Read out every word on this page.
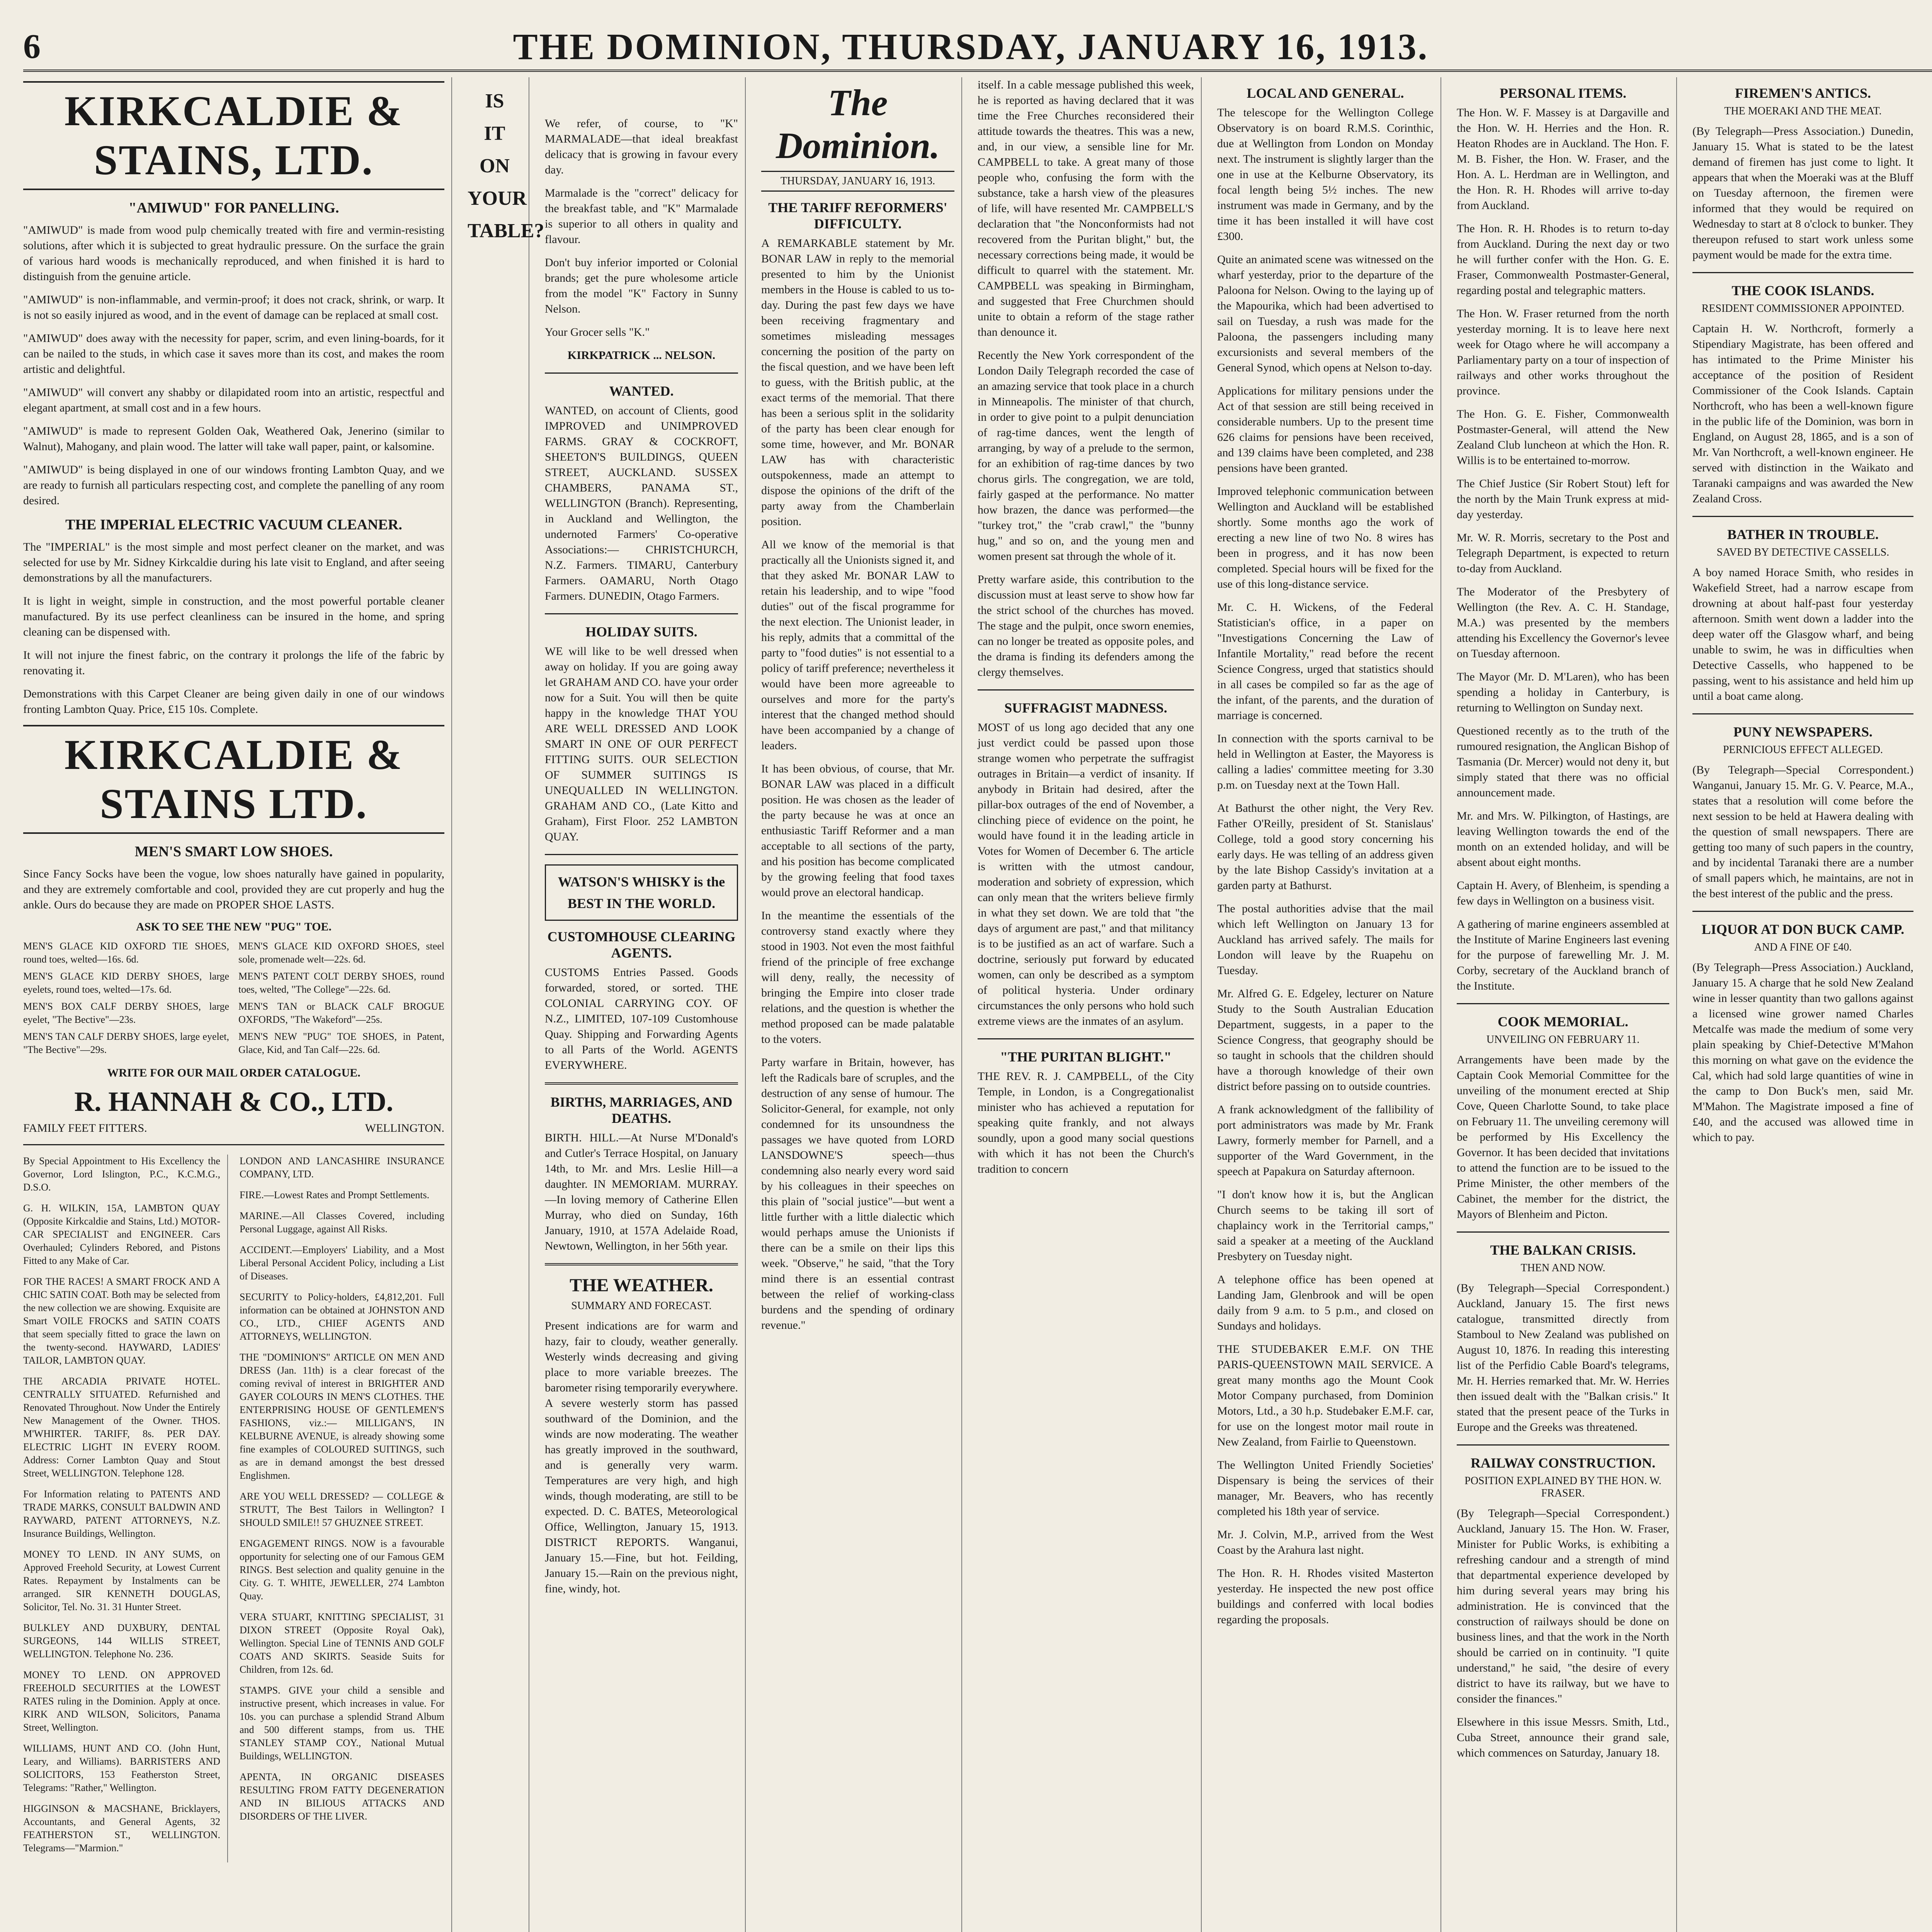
6	THE DOMINION, THURSDAY, JANUARY 16, 1913.
KIRKCALDIE & STAINS, LTD.
"AMIWUD" FOR PANELLING.

"AMIWUD" is made from wood pulp chemically treated with fire and vermin-resisting solutions, after which it is subjected to great hydraulic pressure. On the surface the grain of various hard woods is mechanically reproduced, and when finished it is hard to distinguish from the genuine article.

"AMIWUD" is non-inflammable, and vermin-proof; it does not crack, shrink, or warp. It is not so easily injured as wood, and in the event of damage can be replaced at small cost.

"AMIWUD" does away with the necessity for paper, scrim, and even lining-boards, for it can be nailed to the studs, in which case it saves more than its cost, and makes the room artistic and delightful.

"AMIWUD" will convert any shabby or dilapidated room into an artistic, respectful and elegant apartment, at small cost and in a few hours.

"AMIWUD" is made to represent Golden Oak, Weathered Oak, Jenerino (similar to Walnut), Mahogany, and plain wood. The latter will take wall paper, paint, or kalsomine.

"AMIWUD" is being displayed in one of our windows fronting Lambton Quay, and we are ready to furnish all particulars respecting cost, and complete the panelling of any room desired.

THE IMPERIAL ELECTRIC VACUUM CLEANER.

The "IMPERIAL" is the most simple and most perfect cleaner on the market, and was selected for use by Mr. Sidney Kirkcaldie during his late visit to England, and after seeing demonstrations by all the manufacturers.

It is light in weight, simple in construction, and the most powerful portable cleaner manufactured. By its use perfect cleanliness can be insured in the home, and spring cleaning can be dispensed with.

It will not injure the finest fabric, on the contrary it prolongs the life of the fabric by renovating it.

Demonstrations with this Carpet Cleaner are being given daily in one of our windows fronting Lambton Quay. Price, £15 10s. Complete.

KIRKCALDIE & STAINS LTD.
MEN'S SMART LOW SHOES.

Since Fancy Socks have been the vogue, low shoes naturally have gained in popularity, and they are extremely comfortable and cool, provided they are cut properly and hug the ankle. Ours do because they are made on PROPER SHOE LASTS.

ASK TO SEE THE NEW "PUG" TOE.

MEN'S GLACE KID OXFORD TIE SHOES, round toes, welted—16s. 6d.

MEN'S GLACE KID DERBY SHOES, large eyelets, round toes, welted—17s. 6d.

MEN'S BOX CALF DERBY SHOES, large eyelet, "The Bective"—23s.

MEN'S TAN CALF DERBY SHOES, large eyelet, "The Bective"—29s.

MEN'S GLACE KID OXFORD SHOES, steel sole, promenade welt—22s. 6d.

MEN'S PATENT COLT DERBY SHOES, round toes, welted, "The College"—22s. 6d.

MEN'S TAN or BLACK CALF BROGUE OXFORDS, "The Wakeford"—25s.

MEN'S NEW "PUG" TOE SHOES, in Patent, Glace, Kid, and Tan Calf—22s. 6d.

WRITE FOR OUR MAIL ORDER CATALOGUE.
R. HANNAH & CO., LTD.
FAMILY FEET FITTERS.	WELLINGTON.

By Special Appointment to His Excellency the Governor, Lord Islington, P.C., K.C.M.G., D.S.O.

G. H. WILKIN, 15A, LAMBTON QUAY (Opposite Kirkcaldie and Stains, Ltd.) MOTOR-CAR SPECIALIST and ENGINEER. Cars Overhauled; Cylinders Rebored, and Pistons Fitted to any Make of Car.

FOR THE RACES! A SMART FROCK AND A CHIC SATIN COAT. Both may be selected from the new collection we are showing. Exquisite are Smart VOILE FROCKS and SATIN COATS that seem specially fitted to grace the lawn on the twenty-second. HAYWARD, LADIES' TAILOR, LAMBTON QUAY.

THE ARCADIA PRIVATE HOTEL. CENTRALLY SITUATED. Refurnished and Renovated Throughout. Now Under the Entirely New Management of the Owner. THOS. M'WHIRTER. TARIFF, 8s. PER DAY. ELECTRIC LIGHT IN EVERY ROOM. Address: Corner Lambton Quay and Stout Street, WELLINGTON. Telephone 128.

For Information relating to PATENTS AND TRADE MARKS, CONSULT BALDWIN AND RAYWARD, PATENT ATTORNEYS, N.Z. Insurance Buildings, Wellington.

MONEY TO LEND. IN ANY SUMS, on Approved Freehold Security, at Lowest Current Rates. Repayment by Instalments can be arranged. SIR KENNETH DOUGLAS, Solicitor, Tel. No. 31. 31 Hunter Street.

BULKLEY AND DUXBURY, DENTAL SURGEONS, 144 WILLIS STREET, WELLINGTON. Telephone No. 236.

MONEY TO LEND. ON APPROVED FREEHOLD SECURITIES at the LOWEST RATES ruling in the Dominion. Apply at once. KIRK AND WILSON, Solicitors, Panama Street, Wellington.

WILLIAMS, HUNT AND CO. (John Hunt, Leary, and Williams). BARRISTERS AND SOLICITORS, 153 Featherston Street, Telegrams: "Rather," Wellington.

HIGGINSON & MACSHANE, Bricklayers, Accountants, and General Agents, 32 FEATHERSTON ST., WELLINGTON. Telegrams—"Marmion."

LONDON AND LANCASHIRE INSURANCE COMPANY, LTD.

FIRE.—Lowest Rates and Prompt Settlements.

MARINE.—All Classes Covered, including Personal Luggage, against All Risks.

ACCIDENT.—Employers' Liability, and a Most Liberal Personal Accident Policy, including a List of Diseases.

SECURITY to Policy-holders, £4,812,201. Full information can be obtained at JOHNSTON AND CO., LTD., CHIEF AGENTS AND ATTORNEYS, WELLINGTON.

THE "DOMINION'S" ARTICLE ON MEN AND DRESS (Jan. 11th) is a clear forecast of the coming revival of interest in BRIGHTER AND GAYER COLOURS IN MEN'S CLOTHES. THE ENTERPRISING HOUSE OF GENTLEMEN'S FASHIONS, viz.:— MILLIGAN'S, IN KELBURNE AVENUE, is already showing some fine examples of COLOURED SUITINGS, such as are in demand amongst the best dressed Englishmen.

ARE YOU WELL DRESSED? — COLLEGE & STRUTT, The Best Tailors in Wellington? I SHOULD SMILE!! 57 GHUZNEE STREET.

ENGAGEMENT RINGS. NOW is a favourable opportunity for selecting one of our Famous GEM RINGS. Best selection and quality genuine in the City. G. T. WHITE, JEWELLER, 274 Lambton Quay.

VERA STUART, KNITTING SPECIALIST, 31 DIXON STREET (Opposite Royal Oak), Wellington. Special Line of TENNIS AND GOLF COATS AND SKIRTS. Seaside Suits for Children, from 12s. 6d.

STAMPS. GIVE your child a sensible and instructive present, which increases in value. For 10s. you can purchase a splendid Strand Album and 500 different stamps, from us. THE STANLEY STAMP COY., National Mutual Buildings, WELLINGTON.

APENTA, IN ORGANIC DISEASES RESULTING FROM FATTY DEGENERATION AND IN BILIOUS ATTACKS AND DISORDERS OF THE LIVER.

IS
IT
ON
YOUR
TABLE?

We refer, of course, to "K" MARMALADE—that ideal breakfast delicacy that is growing in favour every day.

Marmalade is the "correct" delicacy for the breakfast table, and "K" Marmalade is superior to all others in quality and flavour.

Don't buy inferior imported or Colonial brands; get the pure wholesome article from the model "K" Factory in Sunny Nelson.

Your Grocer sells "K."

KIRKPATRICK ... NELSON.

WANTED.

WANTED, on account of Clients, good IMPROVED and UNIMPROVED FARMS. GRAY & COCKROFT, SHEETON'S BUILDINGS, QUEEN STREET, AUCKLAND. SUSSEX CHAMBERS, PANAMA ST., WELLINGTON (Branch). Representing, in Auckland and Wellington, the undernoted Farmers' Co-operative Associations:— CHRISTCHURCH, N.Z. Farmers. TIMARU, Canterbury Farmers. OAMARU, North Otago Farmers. DUNEDIN, Otago Farmers.

HOLIDAY SUITS.

WE will like to be well dressed when away on holiday. If you are going away let GRAHAM AND CO. have your order now for a Suit. You will then be quite happy in the knowledge THAT YOU ARE WELL DRESSED AND LOOK SMART IN ONE OF OUR PERFECT FITTING SUITS. OUR SELECTION OF SUMMER SUITINGS IS UNEQUALLED IN WELLINGTON. GRAHAM AND CO., (Late Kitto and Graham), First Floor. 252 LAMBTON QUAY.

WATSON'S WHISKY is the BEST IN THE WORLD.
CUSTOMHOUSE CLEARING AGENTS.

CUSTOMS Entries Passed. Goods forwarded, stored, or sorted. THE COLONIAL CARRYING COY. OF N.Z., LIMITED, 107-109 Customhouse Quay. Shipping and Forwarding Agents to all Parts of the World. AGENTS EVERYWHERE.

BIRTHS, MARRIAGES, AND DEATHS.

BIRTH. HILL.—At Nurse M'Donald's and Cutler's Terrace Hospital, on January 14th, to Mr. and Mrs. Leslie Hill—a daughter. IN MEMORIAM. MURRAY.—In loving memory of Catherine Ellen Murray, who died on Sunday, 16th January, 1910, at 157A Adelaide Road, Newtown, Wellington, in her 56th year.

THE WEATHER.
SUMMARY AND FORECAST.

Present indications are for warm and hazy, fair to cloudy, weather generally. Westerly winds decreasing and giving place to more variable breezes. The barometer rising temporarily everywhere. A severe westerly storm has passed southward of the Dominion, and the winds are now moderating. The weather has greatly improved in the southward, and is generally very warm. Temperatures are very high, and high winds, though moderating, are still to be expected. D. C. BATES, Meteorological Office, Wellington, January 15, 1913. DISTRICT REPORTS. Wanganui, January 15.—Fine, but hot. Feilding, January 15.—Rain on the previous night, fine, windy, hot.

The Dominion.
THURSDAY, JANUARY 16, 1913.
THE TARIFF REFORMERS' DIFFICULTY.

A REMARKABLE statement by Mr. BONAR LAW in reply to the memorial presented to him by the Unionist members in the House is cabled to us to-day. During the past few days we have been receiving fragmentary and sometimes misleading messages concerning the position of the party on the fiscal question, and we have been left to guess, with the British public, at the exact terms of the memorial. That there has been a serious split in the solidarity of the party has been clear enough for some time, however, and Mr. BONAR LAW has with characteristic outspokenness, made an attempt to dispose the opinions of the drift of the party away from the Chamberlain position.

All we know of the memorial is that practically all the Unionists signed it, and that they asked Mr. BONAR LAW to retain his leadership, and to wipe "food duties" out of the fiscal programme for the next election. The Unionist leader, in his reply, admits that a committal of the party to "food duties" is not essential to a policy of tariff preference; nevertheless it would have been more agreeable to ourselves and more for the party's interest that the changed method should have been accompanied by a change of leaders.

It has been obvious, of course, that Mr. BONAR LAW was placed in a difficult position. He was chosen as the leader of the party because he was at once an enthusiastic Tariff Reformer and a man acceptable to all sections of the party, and his position has become complicated by the growing feeling that food taxes would prove an electoral handicap.

In the meantime the essentials of the controversy stand exactly where they stood in 1903. Not even the most faithful friend of the principle of free exchange will deny, really, the necessity of bringing the Empire into closer trade relations, and the question is whether the method proposed can be made palatable to the voters.

Party warfare in Britain, however, has left the Radicals bare of scruples, and the destruction of any sense of humour. The Solicitor-General, for example, not only condemned for its unsoundness the passages we have quoted from LORD LANSDOWNE'S speech—thus condemning also nearly every word said by his colleagues in their speeches on this plain of "social justice"—but went a little further with a little dialectic which would perhaps amuse the Unionists if there can be a smile on their lips this week. "Observe," he said, "that the Tory mind there is an essential contrast between the relief of working-class burdens and the spending of ordinary revenue."

itself. In a cable message published this week, he is reported as having declared that it was time the Free Churches reconsidered their attitude towards the theatres. This was a new, and, in our view, a sensible line for Mr. CAMPBELL to take. A great many of those people who, confusing the form with the substance, take a harsh view of the pleasures of life, will have resented Mr. CAMPBELL'S declaration that "the Nonconformists had not recovered from the Puritan blight," but, the necessary corrections being made, it would be difficult to quarrel with the statement. Mr. CAMPBELL was speaking in Birmingham, and suggested that Free Churchmen should unite to obtain a reform of the stage rather than denounce it.

Recently the New York correspondent of the London Daily Telegraph recorded the case of an amazing service that took place in a church in Minneapolis. The minister of that church, in order to give point to a pulpit denunciation of rag-time dances, went the length of arranging, by way of a prelude to the sermon, for an exhibition of rag-time dances by two chorus girls. The congregation, we are told, fairly gasped at the performance. No matter how brazen, the dance was performed—the "turkey trot," the "crab crawl," the "bunny hug," and so on, and the young men and women present sat through the whole of it.

Pretty warfare aside, this contribution to the discussion must at least serve to show how far the strict school of the churches has moved. The stage and the pulpit, once sworn enemies, can no longer be treated as opposite poles, and the drama is finding its defenders among the clergy themselves.

SUFFRAGIST MADNESS.

MOST of us long ago decided that any one just verdict could be passed upon those strange women who perpetrate the suffragist outrages in Britain—a verdict of insanity. If anybody in Britain had desired, after the pillar-box outrages of the end of November, a clinching piece of evidence on the point, he would have found it in the leading article in Votes for Women of December 6. The article is written with the utmost candour, moderation and sobriety of expression, which can only mean that the writers believe firmly in what they set down. We are told that "the days of argument are past," and that militancy is to be justified as an act of warfare. Such a doctrine, seriously put forward by educated women, can only be described as a symptom of political hysteria. Under ordinary circumstances the only persons who hold such extreme views are the inmates of an asylum.

"THE PURITAN BLIGHT."

THE REV. R. J. CAMPBELL, of the City Temple, in London, is a Congregationalist minister who has achieved a reputation for speaking quite frankly, and not always soundly, upon a good many social questions with which it has not been the Church's tradition to concern

LOCAL AND GENERAL.

The telescope for the Wellington College Observatory is on board R.M.S. Corinthic, due at Wellington from London on Monday next. The instrument is slightly larger than the one in use at the Kelburne Observatory, its focal length being 5½ inches. The new instrument was made in Germany, and by the time it has been installed it will have cost £300.

Quite an animated scene was witnessed on the wharf yesterday, prior to the departure of the Paloona for Nelson. Owing to the laying up of the Mapourika, which had been advertised to sail on Tuesday, a rush was made for the Paloona, the passengers including many excursionists and several members of the General Synod, which opens at Nelson to-day.

Applications for military pensions under the Act of that session are still being received in considerable numbers. Up to the present time 626 claims for pensions have been received, and 139 claims have been completed, and 238 pensions have been granted.

Improved telephonic communication between Wellington and Auckland will be established shortly. Some months ago the work of erecting a new line of two No. 8 wires has been in progress, and it has now been completed. Special hours will be fixed for the use of this long-distance service.

Mr. C. H. Wickens, of the Federal Statistician's office, in a paper on "Investigations Concerning the Law of Infantile Mortality," read before the recent Science Congress, urged that statistics should in all cases be compiled so far as the age of the infant, of the parents, and the duration of marriage is concerned.

In connection with the sports carnival to be held in Wellington at Easter, the Mayoress is calling a ladies' committee meeting for 3.30 p.m. on Tuesday next at the Town Hall.

At Bathurst the other night, the Very Rev. Father O'Reilly, president of St. Stanislaus' College, told a good story concerning his early days. He was telling of an address given by the late Bishop Cassidy's invitation at a garden party at Bathurst.

The postal authorities advise that the mail which left Wellington on January 13 for Auckland has arrived safely. The mails for London will leave by the Ruapehu on Tuesday.

Mr. Alfred G. E. Edgeley, lecturer on Nature Study to the South Australian Education Department, suggests, in a paper to the Science Congress, that geography should be so taught in schools that the children should have a thorough knowledge of their own district before passing on to outside countries.

A frank acknowledgment of the fallibility of port administrators was made by Mr. Frank Lawry, formerly member for Parnell, and a supporter of the Ward Government, in the speech at Papakura on Saturday afternoon.

"I don't know how it is, but the Anglican Church seems to be taking ill sort of chaplaincy work in the Territorial camps," said a speaker at a meeting of the Auckland Presbytery on Tuesday night.

A telephone office has been opened at Landing Jam, Glenbrook and will be open daily from 9 a.m. to 5 p.m., and closed on Sundays and holidays.

THE STUDEBAKER E.M.F. ON THE PARIS-QUEENSTOWN MAIL SERVICE. A great many months ago the Mount Cook Motor Company purchased, from Dominion Motors, Ltd., a 30 h.p. Studebaker E.M.F. car, for use on the longest motor mail route in New Zealand, from Fairlie to Queenstown.

The Wellington United Friendly Societies' Dispensary is being the services of their manager, Mr. Beavers, who has recently completed his 18th year of service.

Mr. J. Colvin, M.P., arrived from the West Coast by the Arahura last night.

The Hon. R. H. Rhodes visited Masterton yesterday. He inspected the new post office buildings and conferred with local bodies regarding the proposals.

PERSONAL ITEMS.

The Hon. W. F. Massey is at Dargaville and the Hon. W. H. Herries and the Hon. R. Heaton Rhodes are in Auckland. The Hon. F. M. B. Fisher, the Hon. W. Fraser, and the Hon. A. L. Herdman are in Wellington, and the Hon. R. H. Rhodes will arrive to-day from Auckland.

The Hon. R. H. Rhodes is to return to-day from Auckland. During the next day or two he will further confer with the Hon. G. E. Fraser, Commonwealth Postmaster-General, regarding postal and telegraphic matters.

The Hon. W. Fraser returned from the north yesterday morning. It is to leave here next week for Otago where he will accompany a Parliamentary party on a tour of inspection of railways and other works throughout the province.

The Hon. G. E. Fisher, Commonwealth Postmaster-General, will attend the New Zealand Club luncheon at which the Hon. R. Willis is to be entertained to-morrow.

The Chief Justice (Sir Robert Stout) left for the north by the Main Trunk express at mid-day yesterday.

Mr. W. R. Morris, secretary to the Post and Telegraph Department, is expected to return to-day from Auckland.

The Moderator of the Presbytery of Wellington (the Rev. A. C. H. Standage, M.A.) was presented by the members attending his Excellency the Governor's levee on Tuesday afternoon.

The Mayor (Mr. D. M'Laren), who has been spending a holiday in Canterbury, is returning to Wellington on Sunday next.

Questioned recently as to the truth of the rumoured resignation, the Anglican Bishop of Tasmania (Dr. Mercer) would not deny it, but simply stated that there was no official announcement made.

Mr. and Mrs. W. Pilkington, of Hastings, are leaving Wellington towards the end of the month on an extended holiday, and will be absent about eight months.

Captain H. Avery, of Blenheim, is spending a few days in Wellington on a business visit.

A gathering of marine engineers assembled at the Institute of Marine Engineers last evening for the purpose of farewelling Mr. J. M. Corby, secretary of the Auckland branch of the Institute.

COOK MEMORIAL.
UNVEILING ON FEBRUARY 11.

Arrangements have been made by the Captain Cook Memorial Committee for the unveiling of the monument erected at Ship Cove, Queen Charlotte Sound, to take place on February 11. The unveiling ceremony will be performed by His Excellency the Governor. It has been decided that invitations to attend the function are to be issued to the Prime Minister, the other members of the Cabinet, the member for the district, the Mayors of Blenheim and Picton.

THE BALKAN CRISIS.
THEN AND NOW.

(By Telegraph—Special Correspondent.) Auckland, January 15. The first news catalogue, transmitted directly from Stamboul to New Zealand was published on August 10, 1876. In reading this interesting list of the Perfidio Cable Board's telegrams, Mr. H. Herries remarked that. Mr. W. Herries then issued dealt with the "Balkan crisis." It stated that the present peace of the Turks in Europe and the Greeks was threatened.

RAILWAY CONSTRUCTION.
POSITION EXPLAINED BY THE HON. W. FRASER.

(By Telegraph—Special Correspondent.) Auckland, January 15. The Hon. W. Fraser, Minister for Public Works, is exhibiting a refreshing candour and a strength of mind that departmental experience developed by him during several years may bring his administration. He is convinced that the construction of railways should be done on business lines, and that the work in the North should be carried on in continuity. "I quite understand," he said, "the desire of every district to have its railway, but we have to consider the finances."

Elsewhere in this issue Messrs. Smith, Ltd., Cuba Street, announce their grand sale, which commences on Saturday, January 18.

FIREMEN'S ANTICS.
THE MOERAKI AND THE MEAT.

(By Telegraph—Press Association.) Dunedin, January 15. What is stated to be the latest demand of firemen has just come to light. It appears that when the Moeraki was at the Bluff on Tuesday afternoon, the firemen were informed that they would be required on Wednesday to start at 8 o'clock to bunker. They thereupon refused to start work unless some payment would be made for the extra time.

THE COOK ISLANDS.
RESIDENT COMMISSIONER APPOINTED.

Captain H. W. Northcroft, formerly a Stipendiary Magistrate, has been offered and has intimated to the Prime Minister his acceptance of the position of Resident Commissioner of the Cook Islands. Captain Northcroft, who has been a well-known figure in the public life of the Dominion, was born in England, on August 28, 1865, and is a son of Mr. Van Northcroft, a well-known engineer. He served with distinction in the Waikato and Taranaki campaigns and was awarded the New Zealand Cross.

BATHER IN TROUBLE.
SAVED BY DETECTIVE CASSELLS.

A boy named Horace Smith, who resides in Wakefield Street, had a narrow escape from drowning at about half-past four yesterday afternoon. Smith went down a ladder into the deep water off the Glasgow wharf, and being unable to swim, he was in difficulties when Detective Cassells, who happened to be passing, went to his assistance and held him up until a boat came along.

PUNY NEWSPAPERS.
PERNICIOUS EFFECT ALLEGED.

(By Telegraph—Special Correspondent.) Wanganui, January 15. Mr. G. V. Pearce, M.A., states that a resolution will come before the next session to be held at Hawera dealing with the question of small newspapers. There are getting too many of such papers in the country, and by incidental Taranaki there are a number of small papers which, he maintains, are not in the best interest of the public and the press.

LIQUOR AT DON BUCK CAMP.
AND A FINE OF £40.

(By Telegraph—Press Association.) Auckland, January 15. A charge that he sold New Zealand wine in lesser quantity than two gallons against a licensed wine grower named Charles Metcalfe was made the medium of some very plain speaking by Chief-Detective M'Mahon this morning on what gave on the evidence the Cal, which had sold large quantities of wine in the camp to Don Buck's men, said Mr. M'Mahon. The Magistrate imposed a fine of £40, and the accused was allowed time in which to pay.
